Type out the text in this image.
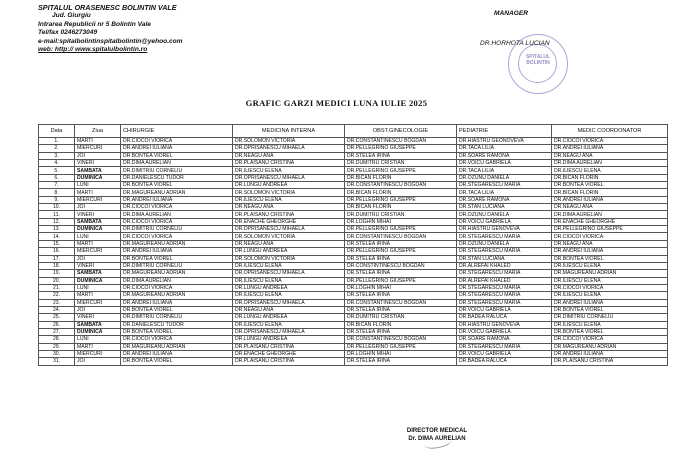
SPITALUL ORASENESC BOLINTIN VALE
Jud. Giurgiu
Intrarea Republicii nr 5 Bolintin Vale
Tel/fax 0246273049
e-mail:spitalbolintinspitalbolintin@yehoo.com
web: http:// www.spitalulbolintin.ro
MANAGER
SPITALUL BOLINTIN
DR.HORHOTA LUCIAN
GRAFIC GARZI MEDICI LUNA IULIE 2025
Data	Ziua	CHIRURGIE	MEDICINA INTERNA	OBST.GINECOLOGIE	PEDIATRIE	MEDIC COORDONATOR
1.	MARTI	DR.CIOCOI VIORICA	DR.SOLOMON VICTORIA	DR.CONSTANTINESCU BOGDAN	DR.HIASTRU GEONOVEVA	DR.CIOCOI VIORICA
2.	MIERCURI	DR.ANDREI IULIANA	DR.OPRISANESCU MIHAELA	DR.PELLEGRINO GIUSEPPE	DR.TACA LILIA	DR.ANDREI IULIANA
3.	JOI	DR.BONTEA VIOREL	DR.NEAGU ANA	DR.STELEA IRINA	DR.SOARE RAMONA	DR.NEAGU ANA
4.	VINERI	DR.DIMA AURELIAN	DR.PLAISANU CRISTINA	DR.DUMITRU CRISTIAN	DR.VOICU GABRIELA	DR.DIMA AURELIAN
5.	SAMBATA	DR.DIMITRIU CORNELIU	DR.ILIESCU ELENA	DR.PELLEGRINO GIUSEPPE	DR.TACA LILIA	DR.ILIESCU ELENA
6.	DUMINICA	DR.DANIELESCU TUDOR	DR.OPRISANESCU MIHAELA	DR.BICAN FLORIN	DR.OZUNU DANIELA	DR.BICAN FLORIN
7.	LUNI	DR.BONTEA VIOREL	DR.LUNGU ANDREEA	DR.CONSTANTINESCU BOGDAN	DR.STEGARESCU MARIA	DR.BONTEA VIOREL
8.	MARTI	DR.MAGUREANU ADRIAN	DR.SOLOMON VICTORIA	DR.BICAN FLORIN	DR.TACA LILIA	DR.BICAN FLORIN
9.	MIERCURI	DR.ANDREI IULIANA	DR.ILIESCU ELENA	DR.PELLEGRINO GIUSEPPE	DR.SOARE RAMONA	DR.ANDREI IULIANA
10.	JOI	DR.CIOCOI VIORICA	DR.NEAGU ANA	DR.BICAN FLORIN	DR.STAN LUCIANA	DR.NEAGU ANA
11.	VINERI	DR.DIMA AURELIAN	DR.PLAISANU CRISTINA	DR.DUMITRU CRISTIAN	DR.OZUNU DANIELA	DR.DIMA AURELIAN
12.	SAMBATA	DR.CIOCOI VIORICA	DR.ENACHE GHEORGHE	DR.LOGHIN MIHAI	DR.VOICU GABRIELA	DR.ENACHE GHEORGHE
13.	DUMINICA	DR.DIMITRIU CORNELIU	DR.OPRISANESCU MIHAELA	DR.PELLEGRINO GIUSEPPE	DR.HIASTRU GENOVEVA	DR.PELLEGRINO GIUSEPPE
14.	LUNI	DR.CIOCOI VIORICA	DR.SOLOMON VICTORIA	DR.CONSTANTINESCU BOGDAN	DR.STEGARESCU MARIA	DR.CIOCOI VIORICA
15.	MARTI	DR.MAGUREANU ADRIAN	DR.NEAGU ANA	DR.STELEA IRINA	DR.OZUNU DANIELA	DR.NEAGU ANA
16.	MIERCURI	DR.ANDREI IULIANA	DR.LUNGU ANDREEA	DR.PELLEGRINO GIUSEPPE	DR.STEGARESCU MARIA	DR.ANDREI IULIANA
17.	JOI	DR.BONTEA VIOREL	DR.SOLOMON VICTORIA	DR.STELEA IRINA	DR.STAN LUCIANA	DR.BONTEA VIOREL
18.	VINERI	DR.DIMITRIU CORNELIU	DR.ILIESCU ELENA	DR.CONSTINTINESCU BOGDAN	DR.ALREFAI KHALED	DR.ILIESCU ELENA
19.	SAMBATA	DR.MAGUREANU ADRIAN	DR.OPRISANESCU MIHAELA	DR.STELEA IRINA	DR.STEGARESCU MARIA	DR.MAGUREANU ADRIAN
20.	DUMINICA	DR.DIMA AURELIAN	DR.ILIESCU ELENA	DR.PELLEGRINO GIUSEPPE	DR.ALREFAI KHALED	DR.ILIESCU ELENA
21.	LUNI	DR.CIOCOI VIORICA	DR.LUNGU ANDREEA	DR.LOGHIN MIHAI	DR.STEGARESCU MARIA	DR.CIOCOI VIORICA
22.	MARTI	DR.MAGUREANU ADRIAN	DR.ILIESCU ELENA	DR.STELEA IRINA	DR.STEGARESCU MARIA	DR.ILIESCU ELENA
23.	MIERCURI	DR.ANDREI IULIANA	DR.OPRISANESCU MIHAELA	DR.CONSTANTINESCU BOGDAN	DR.STEGARESCU MARIA	DR.ANDREI IULIANA
24.	JOI	DR.BONTEA VIOREL	DR.NEAGU ANA	DR.STELEA IRINA	DR.VOICU GABRIELA	DR.BONTEA VIOREL
25.	VINERI	DR.DIMITRIU CORNELIU	DR.LUNGU ANDREEA	DR.DUMITRU CRISTIAN	DR.BADEA RALUCA	DR.DIMITRIU CORNELIU
26.	SAMBATA	DR.DANIELESCU TUDOR	DR.ILIESCU ELENA	DR.BICAN FLORIN	DR.HIASTRU GENOVEVA	DR.ILIESCU ELENA
27.	DUMINICA	DR.BONTEA VIOREL	DR.OPRISANESCU MIHAELA	DR.STELEA IRINA	DR.VOICU GABRIELA	DR.BONTEA VIOREL
28.	LUNI	DR.CIOCOI VIORICA	DR.LUNGU ANDREEA	DR.CONSTANTINESCU BOGDAN	DR.SOARE RAMONA	DR.CIOCOI VIORICA
29.	MARTI	DR.MAGUREANU ADRIAN	DR.PLAISANU CRISTINA	DR.PELLEGRINO GIUSEPPE	DR.STEGARESCU MARIA	DR.MAGUREANU ADRIAN
30.	MIERCURI	DR.ANDREI IULIANA	DR.ENACHE GHEORGHE	DR.LOGHIN MIHAI	DR.VOICU GABRIELA	DR.ANDREI IULIANA
31.	JOI	DR.BONTEA VIOREL	DR.PLAISANU CRISTINA	DR.STELEA IRINA	DR.BADEA RALUCA	DR.PLAISANU CRISTINA
DIRECTOR MEDICAL
Dr. DIMA AURELIAN
